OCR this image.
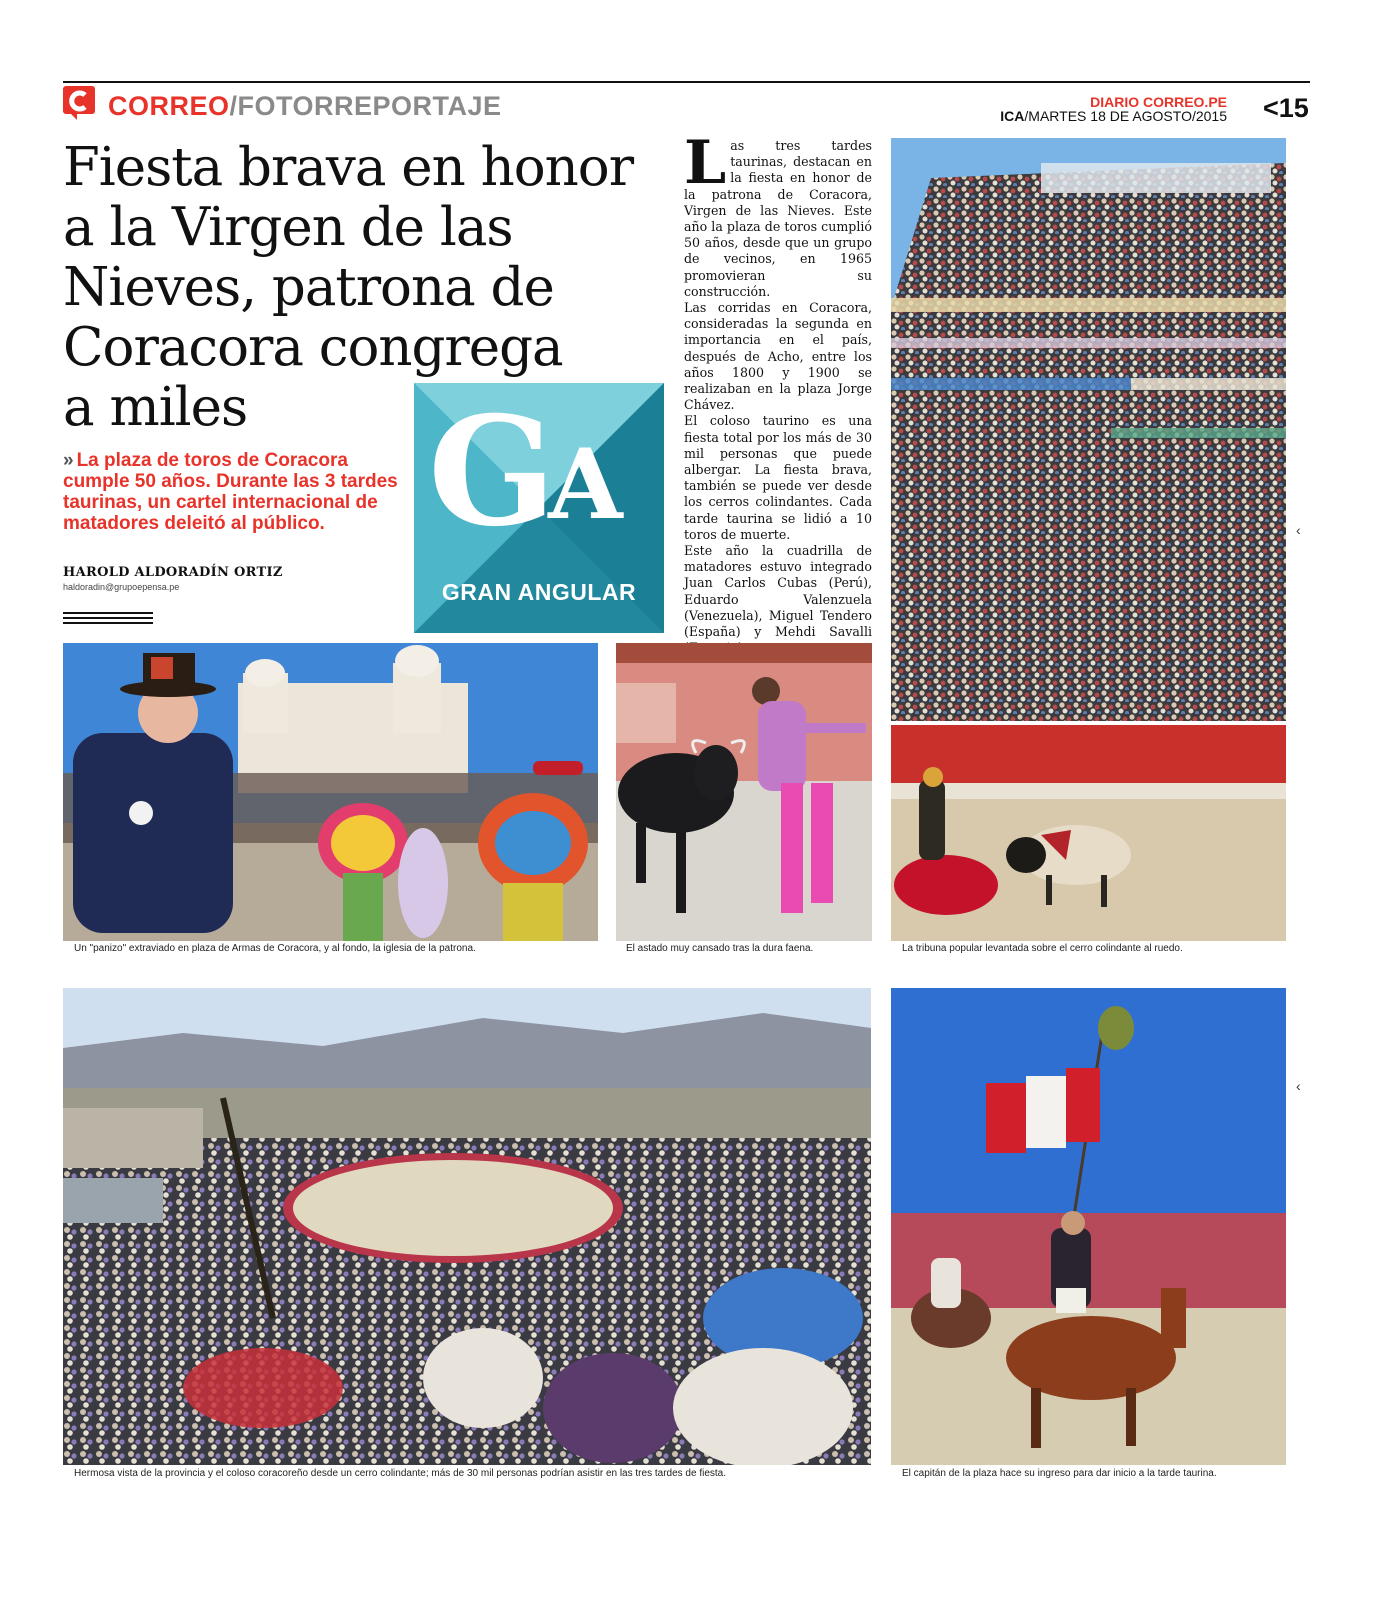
CORREO/FOTORREPORTAJE	DIARIO CORREO.PE
ICA/MARTES 18 DE AGOSTO/2015 <15
Fiesta brava en honor
a la Virgen de las
Nieves, patrona de
Coracora congrega
a miles
» La plaza de toros de Coracora cumple 50 años. Durante las 3 tardes taurinas, un cartel internacional de matadores deleitó al público.
HAROLD ALDORADÍN ORTIZ
haldoradin@grupoepensa.pe
GA
GRAN ANGULAR

Las tres tardes taurinas, destacan en la fiesta en honor de la patrona de Coracora, Virgen de las Nieves. Este año la plaza de toros cumplió 50 años, desde que un grupo de vecinos, en 1965 promovieran su construcción.

Las corridas en Coracora, consideradas la segunda en importancia en el país, después de Acho, entre los años 1800 y 1900 se realizaban en la plaza Jorge Chávez.

El coloso taurino es una fiesta total por los más de 30 mil personas que puede albergar. La fiesta brava, también se puede ver desde los cerros colindantes. Cada tarde taurina se lidió a 10 toros de muerte.

Este año la cuadrilla de matadores estuvo integrado Juan Carlos Cubas (Perú), Eduardo Valenzuela (Venezuela), Miguel Tendero (España) y Mehdi Savalli

Un "panizo" extraviado en plaza de Armas de Coracora, y al fondo, la iglesia de la patrona.	El astado muy cansado tras la dura faena.	La tribuna popular levantada sobre el cerro colindante al ruedo.
Hermosa vista de la provincia y el coloso coracoreño desde un cerro colindante; más de 30 mil personas podrían asistir en las tres tardes de fiesta.	El capitán de la plaza hace su ingreso para dar inicio a la tarde taurina.
‹
‹
